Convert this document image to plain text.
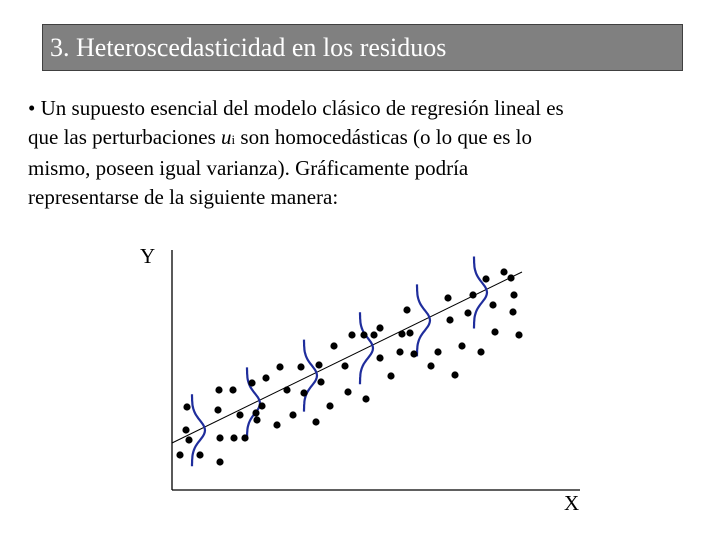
3. Heteroscedasticidad en los residuos
• Un supuesto esencial del modelo clásico de regresión lineal es
que las perturbaciones ui son homocedásticas (o lo que es lo
mismo, poseen igual varianza). Gráficamente podría
representarse de la siguiente manera:
Y
X
